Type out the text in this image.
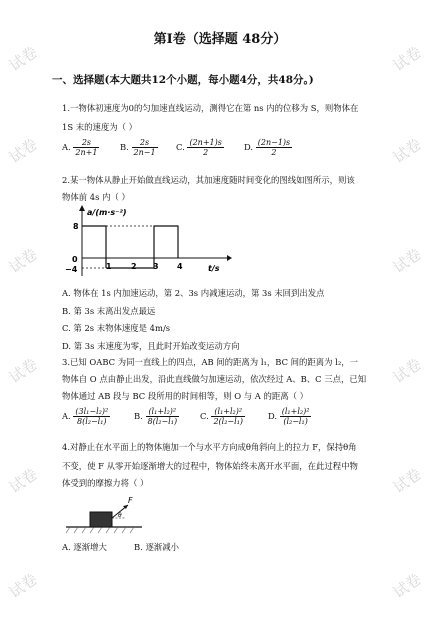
试卷	试卷
试卷	试卷
试卷	试卷
试卷	试卷
试卷	试卷
试卷	试卷
第Ⅰ卷（选择题 48分）
一、选择题(本大题共12个小题，每小题4分，共48分。)
1.一物体初速度为0的匀加速直线运动，测得它在第 ns 内的位移为 S，则物体在
1S 末的速度为（ ）
A. $\frac{2s}{2n+1} B$. $\frac{2s}{2n-1} C$. $\frac{(2n+1)s}{2} D$. $\frac{(2n-1)s}{2}$
2.某一物体从静止开始做直线运动，其加速度随时间变化的图线如图所示，则该
物体前 4s 内（ ）
a/(m·s⁻²)
t/s
8
0
−4	1 2 3 4
A. 物体在 1s 内加速运动，第 2、3s 内减速运动，第 3s 末回到出发点
B. 第 3s 末离出发点最远
C. 第 2s 末物体速度是 4m/s
D. 第 3s 末速度为零，且此时开始改变运动方向
3.已知 OABC 为同一直线上的四点，AB 间的距离为 l₁，BC 间的距离为 l₂，一
物体自 O 点由静止出发，沿此直线做匀加速运动，依次经过 A、B、C 三点，已知
物体通过 AB 段与 BC 段所用的时间相等，则 O 与 A 的距离（ ）
A. $\frac{\text{(3l₁−l₂)²}}{\text{8(l₂−l₁)}}$	B. $\frac{\text{(l₁+l₂)²}}{\text{8(l₂−l₁)}} C$. $\frac{\text{(l₁+l₂)²}}{\text{2(l₂−l₁)}}$	D. $\frac{\text{(l₁+l₂)²}}{\text{(l₂−l₁)}}$
4.对静止在水平面上的物体施加一个与水平方向成θ角斜向上的拉力 F，保持θ角
不变，使 F 从零开始逐渐增大的过程中，物体始终未离开水平面，在此过程中物
体受到的摩擦力将（ ）
F
θ
A. 逐渐增大	B. 逐渐减小
